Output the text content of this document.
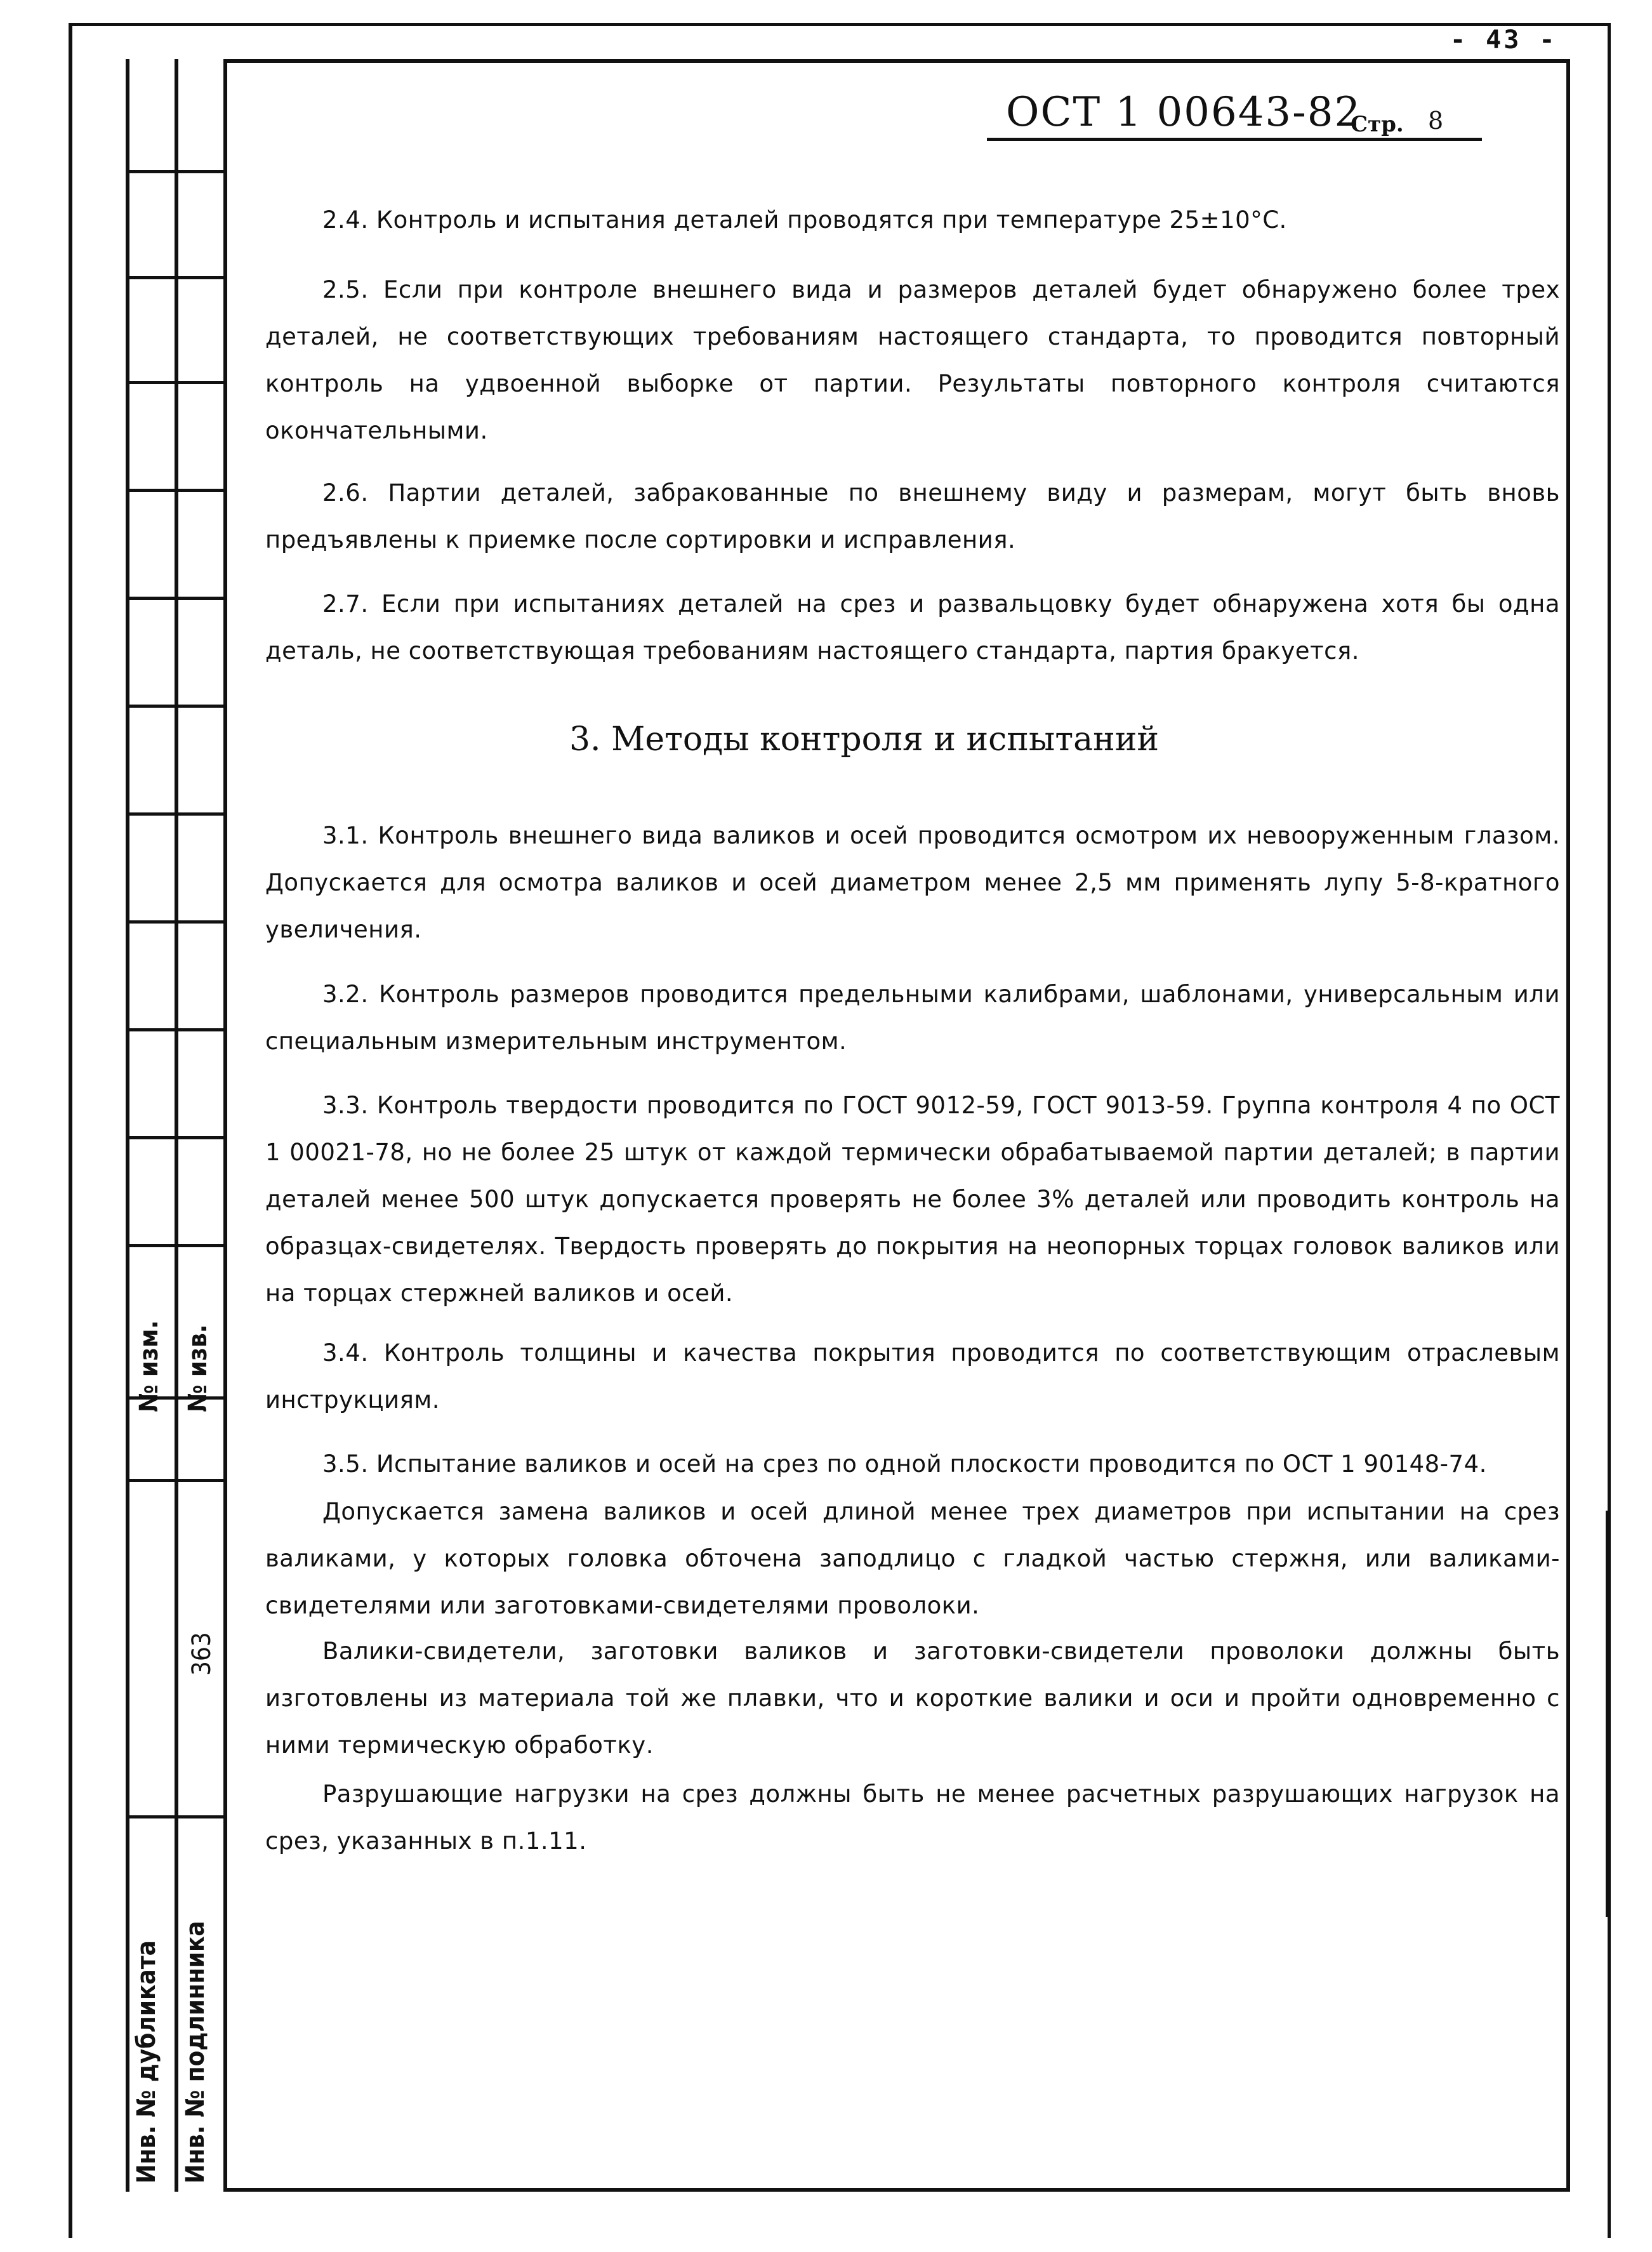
- 43 -
ОСТ 1 00643-82
Стр. 8
2.4. Контроль и испытания деталей проводятся при температуре 25±10°С.
2.5. Если при контроле внешнего вида и размеров деталей будет обнаружено более трех деталей, не соответствующих требованиям настоящего стандарта, то проводится повторный контроль на удвоенной выборке от партии. Результаты повторного контроля считаются окончательными.
2.6. Партии деталей, забракованные по внешнему виду и размерам, могут быть вновь предъявлены к приемке после сортировки и исправления.
2.7. Если при испытаниях деталей на срез и развальцовку будет обнаружена хотя бы одна деталь, не соответствующая требованиям настоящего стандарта, партия бракуется.
3. Методы контроля и испытаний
3.1. Контроль внешнего вида валиков и осей проводится осмотром их невооруженным глазом. Допускается для осмотра валиков и осей диаметром менее 2,5 мм применять лупу 5-8-кратного увеличения.
3.2. Контроль размеров проводится предельными калибрами, шаблонами, универсальным или специальным измерительным инструментом.
3.3. Контроль твердости проводится по ГОСТ 9012-59, ГОСТ 9013-59. Группа контроля 4 по ОСТ 1 00021-78, но не более 25 штук от каждой термически обрабатываемой партии деталей; в партии деталей менее 500 штук допускается проверять не более 3% деталей или проводить контроль на образцах-свидетелях. Твердость проверять до покрытия на неопорных торцах головок валиков или на торцах стержней валиков и осей.
3.4. Контроль толщины и качества покрытия проводится по соответствующим отраслевым инструкциям.
3.5. Испытание валиков и осей на срез по одной плоскости проводится по ОСТ 1 90148-74.
Допускается замена валиков и осей длиной менее трех диаметров при испытании на срез валиками, у которых головка обточена заподлицо с гладкой частью стержня, или валиками-свидетелями или заготовками-свидетелями проволоки.
Валики-свидетели, заготовки валиков и заготовки-свидетели проволоки должны быть изготовлены из материала той же плавки, что и короткие валики и оси и пройти одновременно с ними термическую обработку.
Разрушающие нагрузки на срез должны быть не менее расчетных разрушающих нагрузок на срез, указанных в п.1.11.
№ изм. № изв.
363
Инв. № дубликата Инв. № подлинника
